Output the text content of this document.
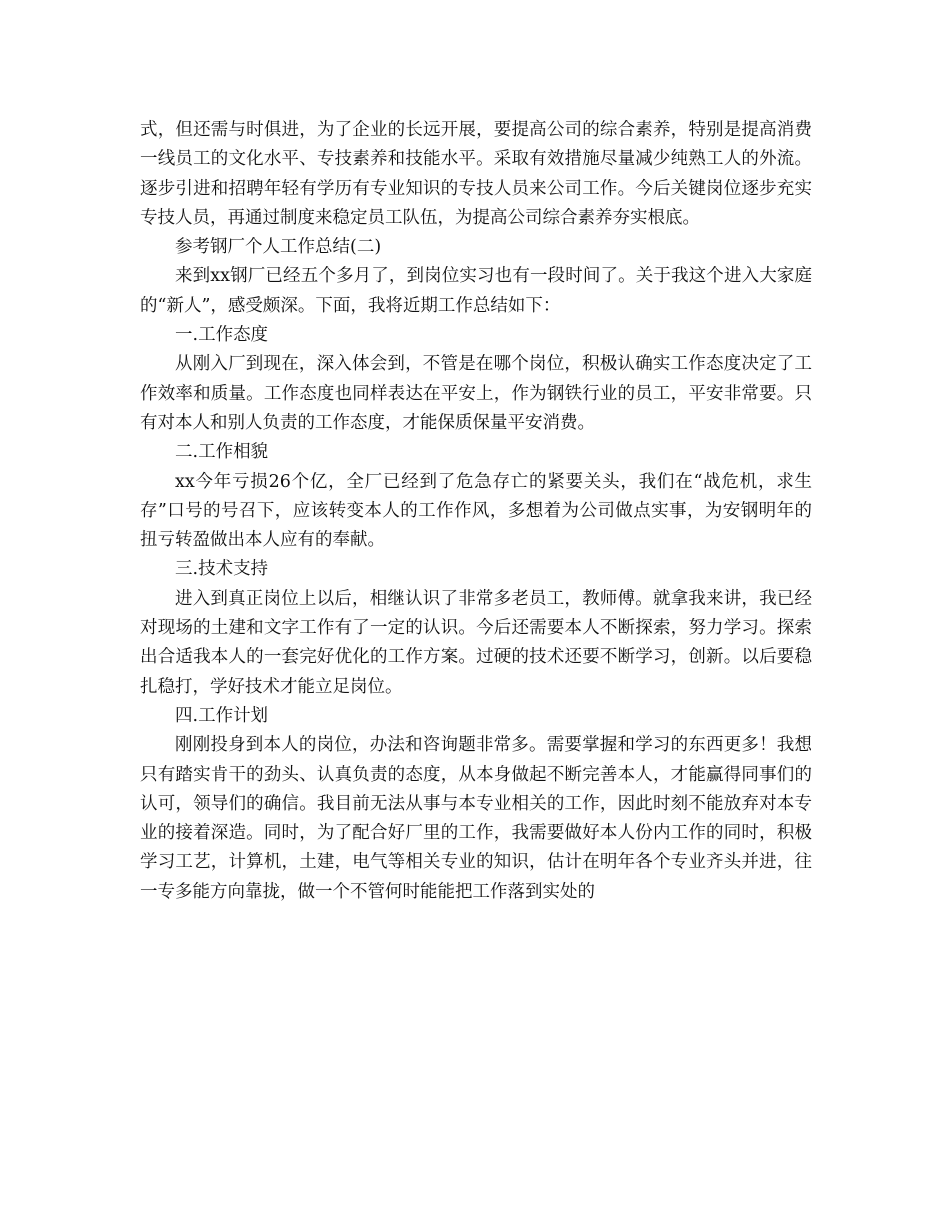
式，但还需与时俱进，为了企业的长远开展，要提高公司的综合素养，特别是提高消费一线员工的文化水平、专技素养和技能水平。采取有效措施尽量减少纯熟工人的外流。逐步引进和招聘年轻有学历有专业知识的专技人员来公司工作。今后关键岗位逐步充实专技人员，再通过制度来稳定员工队伍，为提高公司综合素养夯实根底。

参考钢厂个人工作总结(二)

来到xx钢厂已经五个多月了，到岗位实习也有一段时间了。关于我这个进入大家庭的“新人”，感受颇深。下面，我将近期工作总结如下：

一.工作态度

从刚入厂到现在，深入体会到，不管是在哪个岗位，积极认确实工作态度决定了工作效率和质量。工作态度也同样表达在平安上，作为钢铁行业的员工，平安非常要。只有对本人和别人负责的工作态度，才能保质保量平安消费。

二.工作相貌

xx今年亏损26个亿，全厂已经到了危急存亡的紧要关头，我们在“战危机，求生存”口号的号召下，应该转变本人的工作作风，多想着为公司做点实事，为安钢明年的扭亏转盈做出本人应有的奉献。

三.技术支持

进入到真正岗位上以后，相继认识了非常多老员工，教师傅。就拿我来讲，我已经对现场的土建和文字工作有了一定的认识。今后还需要本人不断探索，努力学习。探索出合适我本人的一套完好优化的工作方案。过硬的技术还要不断学习，创新。以后要稳扎稳打，学好技术才能立足岗位。

四.工作计划

刚刚投身到本人的岗位，办法和咨询题非常多。需要掌握和学习的东西更多！我想只有踏实肯干的劲头、认真负责的态度，从本身做起不断完善本人，才能赢得同事们的认可，领导们的确信。我目前无法从事与本专业相关的工作，因此时刻不能放弃对本专业的接着深造。同时，为了配合好厂里的工作，我需要做好本人份内工作的同时，积极学习工艺，计算机，土建，电气等相关专业的知识，估计在明年各个专业齐头并进，往一专多能方向靠拢，做一个不管何时能能把工作落到实处的
